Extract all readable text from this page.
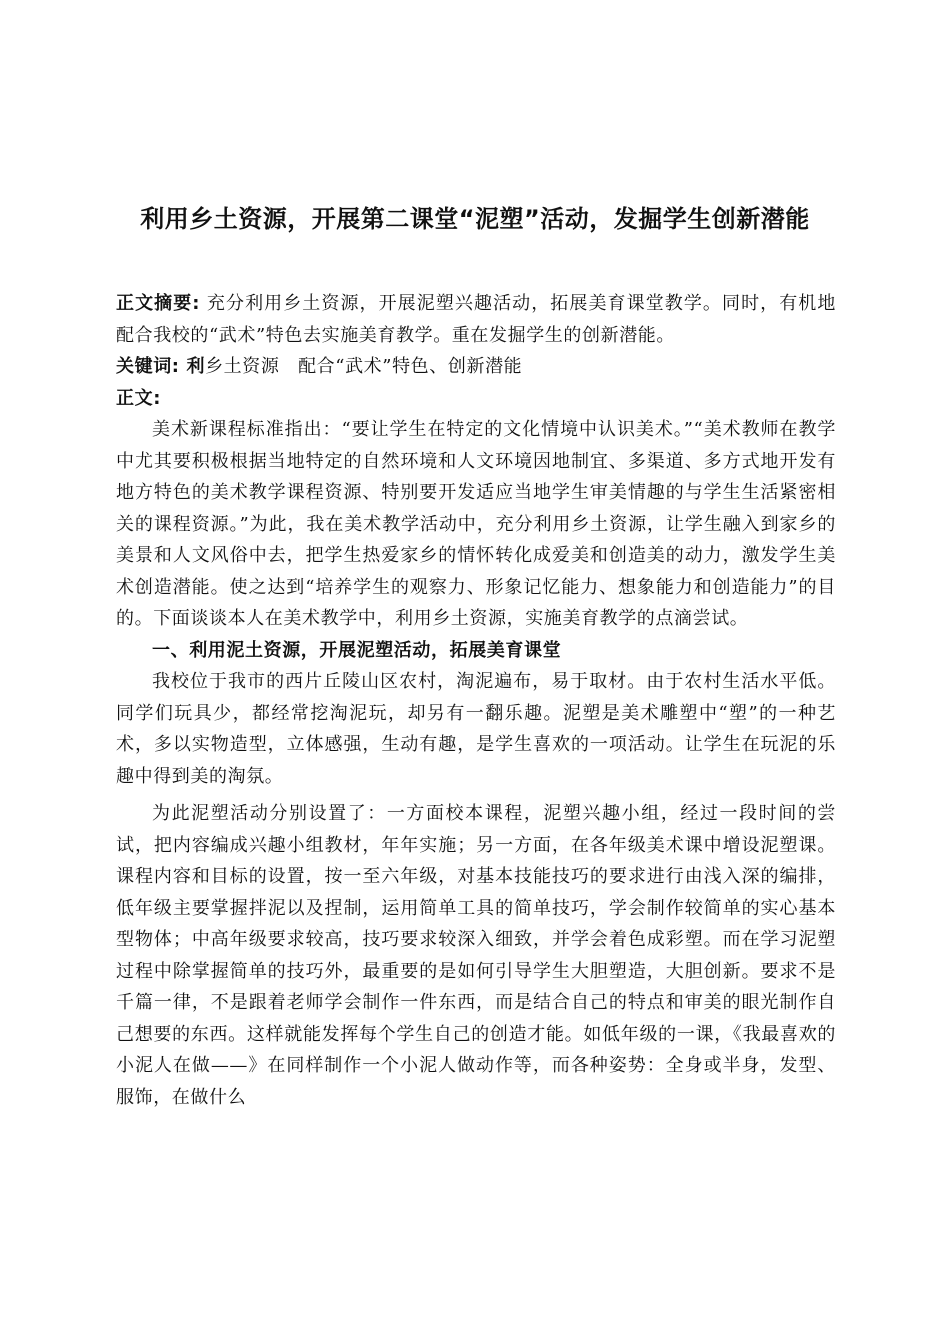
利用乡土资源，开展第二课堂“泥塑”活动，发掘学生创新潜能

正文摘要: 充分利用乡土资源，开展泥塑兴趣活动，拓展美育课堂教学。同时，有机地配合我校的“武术”特色去实施美育教学。重在发掘学生的创新潜能。

关键词: 利乡土资源　配合“武术”特色、创新潜能

正文:

美术新课程标准指出：“要让学生在特定的文化情境中认识美术。”“美术教师在教学中尤其要积极根据当地特定的自然环境和人文环境因地制宜、多渠道、多方式地开发有地方特色的美术教学课程资源、特别要开发适应当地学生审美情趣的与学生生活紧密相关的课程资源。”为此，我在美术教学活动中，充分利用乡土资源，让学生融入到家乡的美景和人文风俗中去，把学生热爱家乡的情怀转化成爱美和创造美的动力，激发学生美术创造潜能。使之达到“培养学生的观察力、形象记忆能力、想象能力和创造能力”的目的。下面谈谈本人在美术教学中，利用乡土资源，实施美育教学的点滴尝试。

一、利用泥土资源，开展泥塑活动，拓展美育课堂

我校位于我市的西片丘陵山区农村，淘泥遍布，易于取材。由于农村生活水平低。同学们玩具少，都经常挖淘泥玩，却另有一翻乐趣。泥塑是美术雕塑中“塑”的一种艺术，多以实物造型，立体感强，生动有趣，是学生喜欢的一项活动。让学生在玩泥的乐趣中得到美的淘氛。

为此泥塑活动分别设置了：一方面校本课程，泥塑兴趣小组，经过一段时间的尝试，把内容编成兴趣小组教材，年年实施；另一方面，在各年级美术课中增设泥塑课。课程内容和目标的设置，按一至六年级，对基本技能技巧的要求进行由浅入深的编排，低年级主要掌握拌泥以及捏制，运用简单工具的简单技巧，学会制作较简单的实心基本型物体；中高年级要求较高，技巧要求较深入细致，并学会着色成彩塑。而在学习泥塑过程中除掌握简单的技巧外，最重要的是如何引导学生大胆塑造，大胆创新。要求不是千篇一律，不是跟着老师学会制作一件东西，而是结合自己的特点和审美的眼光制作自己想要的东西。这样就能发挥每个学生自己的创造才能。如低年级的一课，《我最喜欢的小泥人在做——》在同样制作一个小泥人做动作等，而各种姿势：全身或半身，发型、服饰，在做什么
